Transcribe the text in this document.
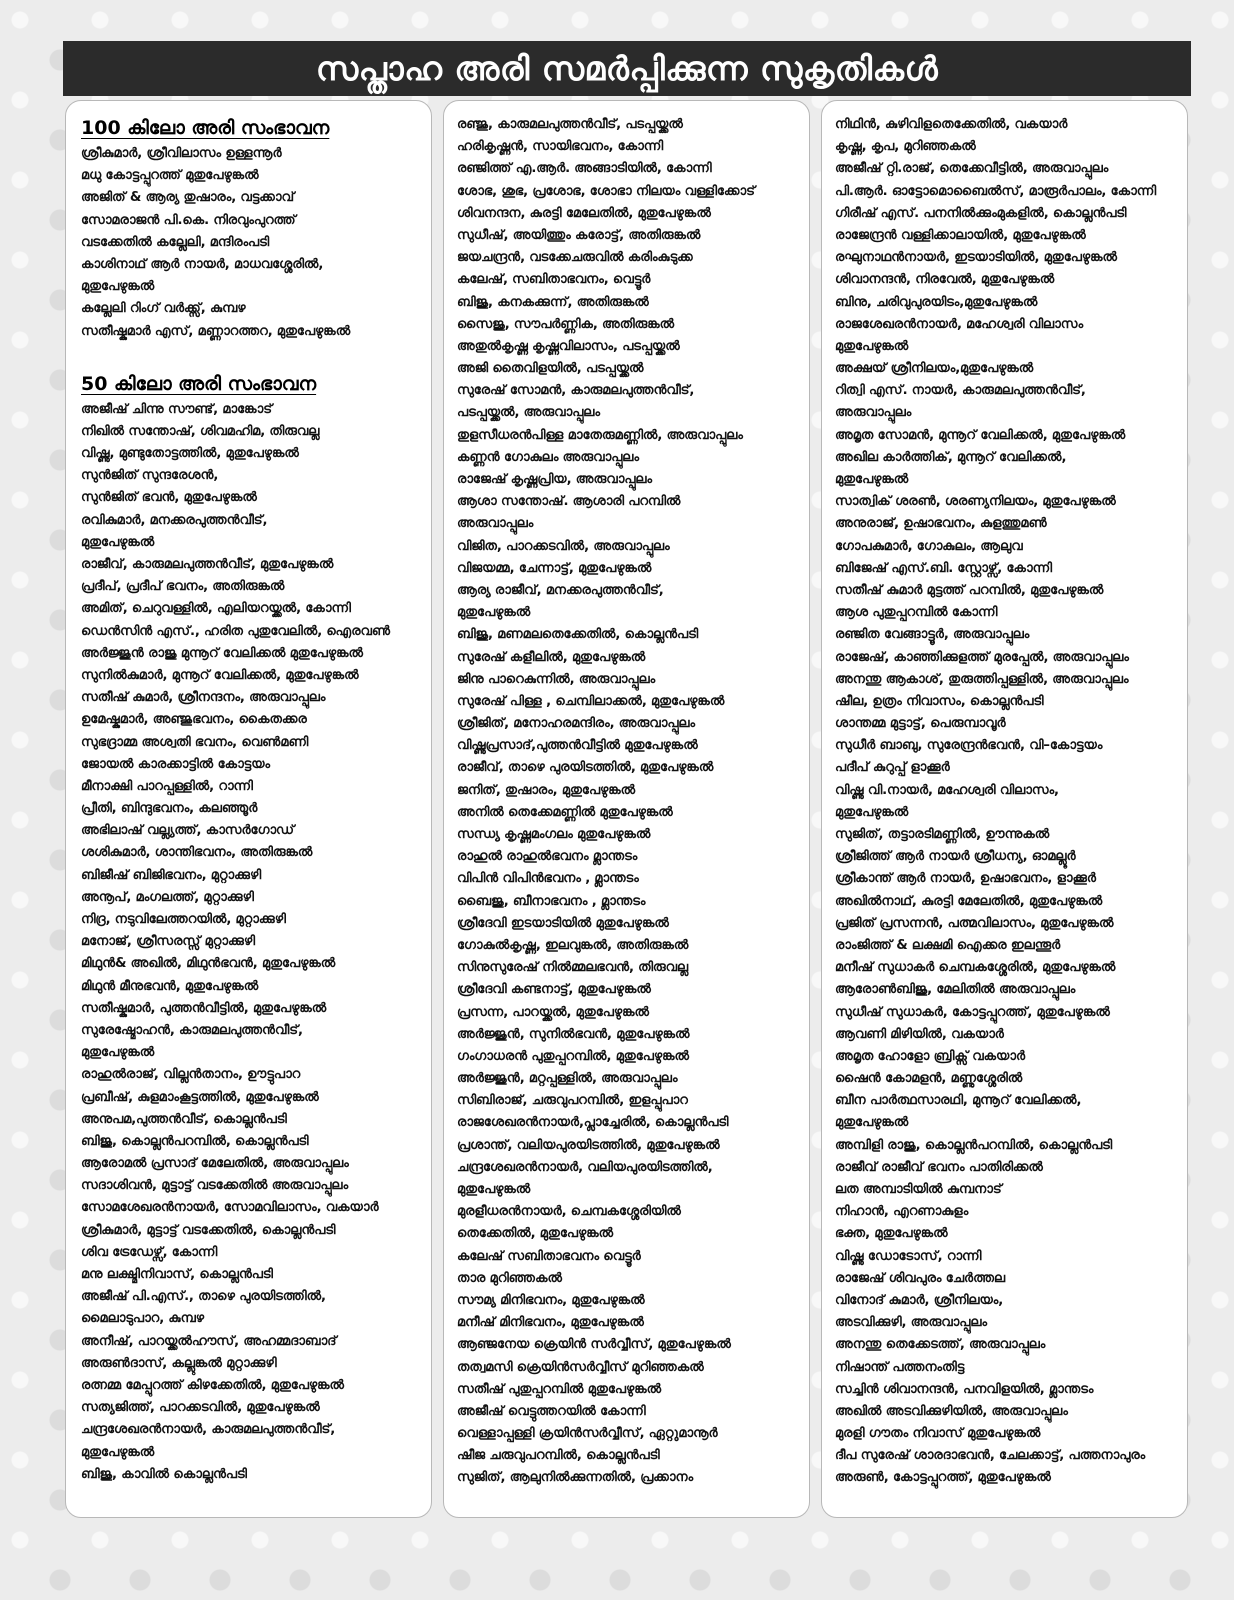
സപ്താഹ അരി സമർപ്പിക്കുന്ന സുകൃതികൾ
100 കിലോ അരി സംഭാവന
ശ്രീകുമാർ, ശ്രീവിലാസം ഉള്ളന്നൂർ
മധു കോട്ടപ്പുറത്ത് മുതുപേഴുങ്കൽ
അജിത് & ആര്യ തുഷാരം, വട്ടക്കാവ്
സോമരാജൻ പി.കെ. നിരവുംപുറത്ത്
വടക്കേതിൽ കല്ലേലി, മന്ദിരംപടി
കാശിനാഥ് ആർ നായർ, മാധവശ്ശേരിൽ,
മുതുപേഴുങ്കൽ
കല്ലേലി റിംഗ് വർക്ക്സ്, കുമ്പഴ
സതീഷ്കുമാർ എസ്, മണ്ണാറത്തറ, മുതുപേഴുങ്കൽ
50 കിലോ അരി സംഭാവന
അജീഷ് ചിന്നു സൗണ്ട്, മാങ്കോട്
നിഖിൽ സന്തോഷ്, ശിവമഹിമ, തിരുവല്ല
വിഷ്ണു, മുണ്ടുതോട്ടത്തിൽ, മുതുപേഴുങ്കൽ
സുൻജിത് സുന്ദരേശൻ,
സുൻജിത് ഭവൻ, മുതുപേഴുങ്കൽ
രവികുമാർ, മനക്കരപുത്തൻവീട്,
മുതുപേഴുങ്കൽ
രാജീവ്, കാരുമലപുത്തൻവീട്, മുതുപേഴുങ്കൽ
പ്രദീപ്, പ്രദീപ് ഭവനം, അതിരുങ്കൽ
അമിത്, ചെറുവള്ളിൽ, എലിയറയ്ക്കൽ, കോന്നി
ഡെൻസിൻ എസ്., ഹരിത പുതുവേലിൽ, ഐരവൺ
അർജ്ജുൻ രാജു മുന്നൂറ് വേലിക്കൽ മുതുപേഴുങ്കൽ
സുനിൽകുമാർ, മുന്നൂറ് വേലിക്കൽ, മുതുപേഴുങ്കൽ
സതീഷ് കുമാർ, ശ്രീനന്ദനം, അരുവാപ്പുലം
ഉമേഷ്കുമാർ, അഞ്ജുഭവനം, കൈതക്കര
സുഭദ്രാമ്മ അശ്വതി ഭവനം, വെൺമണി
ജോയൽ കാരക്കാട്ടിൽ കോട്ടയം
മീനാക്ഷി പാറപ്പള്ളിൽ, റാന്നി
പ്രീതി, ബിന്ദുഭവനം, കലഞ്ഞൂർ
അഭിലാഷ് വല്ല്യത്ത്, കാസർഗോഡ്
ശശികുമാർ, ശാന്തിഭവനം, അതിരുങ്കൽ
ബിജീഷ് ബിജിഭവനം, മുറ്റാക്കുഴി
അനൂപ്, മംഗലത്ത്, മുറ്റാക്കുഴി
നിദ്ര, നടുവിലേത്തറയിൽ, മുറ്റാക്കുഴി
മനോജ്, ശ്രീസരസ്സ് മുറ്റാക്കുഴി
മിഥുൻ& അഖിൽ, മിഥുൻഭവൻ, മുതുപേഴുങ്കൽ
മിഥുൻ മീനുഭവൻ, മുതുപേഴുങ്കൽ
സതീഷ്കുമാർ, പുത്തൻവീട്ടിൽ, മുതുപേഴുങ്കൽ
സുരേഷ്മോഹൻ, കാരുമലപുത്തൻവീട്,
മുതുപേഴുങ്കൽ
രാഹുൽരാജ്, വില്ലൻതാനം, ഊട്ടുപാറ
പ്രബീഷ്, കുളമാംകൂട്ടത്തിൽ, മുതുപേഴുങ്കൽ
അനുപമ,പുത്തൻവീട്, കൊല്ലൻപടി
ബിജു, കൊല്ലൻപറമ്പിൽ, കൊല്ലൻപടി
ആരോമൽ പ്രസാദ് മേലേതിൽ, അരുവാപ്പുലം
സദാശിവൻ, മുട്ടാട്ട് വടക്കേതിൽ അരുവാപ്പുലം
സോമശേഖരൻനായർ, സോമവിലാസം, വകയാർ
ശ്രീകുമാർ, മുട്ടാട്ട് വടക്കേതിൽ, കൊല്ലൻപടി
ശിവ ട്രേഡേഴ്സ്, കോന്നി
മനു ലക്ഷ്മിനിവാസ്, കൊല്ലൻപടി
അജീഷ് പി.എസ്., താഴെ പുരയിടത്തിൽ,
മൈലാടുപാറ, കുമ്പഴ
അനീഷ്, പാറയ്ക്കൽഹൗസ്, അഹമ്മദാബാദ്
അരുൺദാസ്, കല്ലുങ്കൽ മുറ്റാക്കുഴി
രത്നമ്മ മേപ്പുറത്ത് കിഴക്കേതിൽ, മുതുപേഴുങ്കൽ
സത്യജിത്ത്, പാറക്കടവിൽ, മുതുപേഴുങ്കൽ
ചന്ദ്രശേഖരൻനായർ, കാരുമലപുത്തൻവീട്,
മുതുപേഴുങ്കൽ
ബിജു, കാവിൽ കൊല്ലൻപടി
രഞ്ജു, കാരുമലപുത്തൻവീട്, പടപ്പയ്ക്കൽ
ഹരികൃഷ്ണൻ, സായിഭവനം, കോന്നി
രഞ്ജിത്ത് എ.ആർ. അങ്ങാടിയിൽ, കോന്നി
ശോഭ, ശുഭ, പ്രശോഭ, ശോഭാ നിലയം വള്ളിക്കോട്
ശിവനന്ദന, കുരട്ടി മേലേതിൽ, മുതുപേഴുങ്കൽ
സുധീഷ്, അയിത്തും കരോട്ട്, അതിരുങ്കൽ
ജയചന്ദ്രൻ, വടക്കേചരുവിൽ കരിംകുടുക്ക
കലേഷ്, സബിതാഭവനം, വെട്ടൂർ
ബിജു, കനകക്കുന്ന്, അതിരുങ്കൽ
സൈജു, സൗപർണ്ണിക, അതിരുങ്കൽ
അതുൽകൃഷ്ണ കൃഷ്ണവിലാസം, പടപ്പയ്ക്കൽ
അജി തൈവിളയിൽ, പടപ്പയ്ക്കൽ
സുരേഷ് സോമൻ, കാരുമലപുത്തൻവീട്,
പടപ്പയ്ക്കൽ, അരുവാപ്പുലം
തുളസീധരൻപിള്ള മാതേരുമണ്ണിൽ, അരുവാപ്പുലം
കണ്ണൻ ഗോകുലം അരുവാപ്പുലം
രാജേഷ് കൃഷ്ണപ്രിയ, അരുവാപ്പുലം
ആശാ സന്തോഷ്. ആശാരി പറമ്പിൽ
അരുവാപ്പുലം
വിജിത, പാറക്കടവിൽ, അരുവാപ്പുലം
വിജയമ്മ, ചേന്നാട്ട്, മുതുപേഴുങ്കൽ
ആര്യ രാജീവ്, മനക്കരപുത്തൻവീട്,
മുതുപേഴുങ്കൽ
ബിജു, മണമലതെക്കേതിൽ, കൊല്ലൻപടി
സുരേഷ് കളീലിൽ, മുതുപേഴുങ്കൽ
ജിനു പാറെകുന്നിൽ, അരുവാപ്പുലം
സുരേഷ് പിള്ള , ചെമ്പിലാക്കൽ, മുതുപേഴുങ്കൽ
ശ്രീജിത്, മനോഹരമന്ദിരം, അരുവാപ്പുലം
വിഷ്ണുപ്രസാദ്,പുത്തൻവീട്ടിൽ മുതുപേഴുങ്കൽ
രാജീവ്, താഴെ പുരയിടത്തിൽ, മുതുപേഴുങ്കൽ
ജനിത്, തുഷാരം, മുതുപേഴുങ്കൽ
അനിൽ തെക്കേമണ്ണിൽ മുതുപേഴുങ്കൽ
സന്ധ്യ കൃഷ്ണമംഗലം മുതുപേഴുങ്കൽ
രാഹുൽ രാഹുൽഭവനം മ്ലാന്തടം
വിപിൻ വിപിൻഭവനം , മ്ലാന്തടം
ബൈജു, ബീനാഭവനം , മ്ലാന്തടം
ശ്രീദേവി ഇടയാടിയിൽ മുതുപേഴുങ്കൽ
ഗോകുൽകൃഷ്ണ, ഇലവുങ്കൽ, അതിരുങ്കൽ
സിനുസുരേഷ് നിൽമ്മലഭവൻ, തിരുവല്ല
ശ്രീദേവി കണ്ടനാട്ട്, മുതുപേഴുങ്കൽ
പ്രസന്ന, പാറയ്ക്കൽ, മുതുപേഴുങ്കൽ
അർജ്ജുൻ, സുനിൽഭവൻ, മുതുപേഴുങ്കൽ
ഗംഗാധരൻ പുതുപ്പറമ്പിൽ, മുതുപേഴുങ്കൽ
അർജ്ജുൻ, മറ്റപ്പള്ളിൽ, അരുവാപ്പുലം
സിബിരാജ്, ചരുവുപറമ്പിൽ, ഇളപ്പുപാറ
രാജശേഖരൻനായർ,പ്ലാച്ചേരിൽ, കൊല്ലൻപടി
പ്രശാന്ത്, വലിയപുരയിടത്തിൽ, മുതുപേഴുങ്കൽ
ചന്ദ്രശേഖരൻനായർ, വലിയപുരയിടത്തിൽ,
മുതുപേഴുങ്കൽ
മുരളീധരൻനായർ, ചെമ്പകശ്ശേരിയിൽ
തെക്കേതിൽ, മുതുപേഴുങ്കൽ
കലേഷ് സബിതാഭവനം വെട്ടൂർ
താര മുറിഞ്ഞകൽ
സൗമ്യ മിനിഭവനം, മുതുപേഴുങ്കൽ
മനീഷ് മിനിഭവനം, മുതുപേഴുങ്കൽ
ആഞ്ജനേയ ക്രെയിൻ സർവ്വീസ്, മുതുപേഴുങ്കൽ
തത്വമസി ക്രെയിൻസർവ്വീസ് മുറിഞ്ഞകൽ
സതീഷ് പുതുപ്പറമ്പിൽ മുതുപേഴുങ്കൽ
അജീഷ് വെട്ടുത്തറയിൽ കോന്നി
വെള്ളാപ്പള്ളി ക്രയിൻസർവ്വീസ്, ഏറ്റുമാനൂർ
ഷീജ ചരുവുപറമ്പിൽ, കൊല്ലൻപടി
സുജിത്, ആലുനിൽക്കുന്നതിൽ, പ്രക്കാനം
നിഥിൻ, കുഴിവിളതെക്കേതിൽ, വകയാർ
കൃഷ്ണ, കൃപ, മുറിഞ്ഞകൽ
അജീഷ് റ്റി.രാജ്, തെക്കേവീട്ടിൽ, അരുവാപ്പുലം
പി.ആർ. ഓട്ടോമൊബൈൽസ്, മാരൂർപാലം, കോന്നി
ഗിരീഷ് എസ്. പനനിൽക്കുംമുകളിൽ, കൊല്ലൻപടി
രാജേന്ദ്രൻ വള്ളിക്കാലായിൽ, മുതുപേഴുങ്കൽ
രഘുനാഥൻനായർ, ഇടയാടിയിൽ, മുതുപേഴുങ്കൽ
ശിവാനന്ദൻ, നിരവേൽ, മുതുപേഴുങ്കൽ
ബിനു, ചരിവുപുരയിടം,മുതുപേഴുങ്കൽ
രാജശേഖരൻനായർ, മഹേശ്വരി വിലാസം
മുതുപേഴുങ്കൽ
അക്ഷയ് ശ്രീനിലയം,മുതുപേഴുങ്കൽ
റിത്വി എസ്. നായർ, കാരുമലപുത്തൻവീട്,
അരുവാപ്പുലം
അമൃത സോമൻ, മുന്നൂറ് വേലിക്കൽ, മുതുപേഴുങ്കൽ
അഖില കാർത്തിക്, മുന്നൂറ് വേലിക്കൽ,
മുതുപേഴുങ്കൽ
സാത്വിക് ശരൺ, ശരണ്യനിലയം, മുതുപേഴുങ്കൽ
അനുരാജ്, ഉഷാഭവനം, കുളത്തുമൺ
ഗോപകുമാർ, ഗോകുലം, ആലുവ
ബിജേഷ് എസ്.ബി. സ്റ്റോഴ്സ്, കോന്നി
സതീഷ് കുമാർ മുട്ടത്ത് പറമ്പിൽ, മുതുപേഴുങ്കൽ
ആശ പുതുപ്പറമ്പിൽ കോന്നി
രഞ്ജിത വേങ്ങാട്ടൂർ, അരുവാപ്പുലം
രാജേഷ്, കാഞ്ഞിക്കുളത്ത് മുരപ്പേൽ, അരുവാപ്പുലം
അനന്തു ആകാശ്, തുരുത്തിപ്പള്ളിൽ, അരുവാപ്പുലം
ഷീല, ഉത്രം നിവാസം, കൊല്ലൻപടി
ശാന്തമ്മ മുട്ടാട്ട്, പെരുമ്പാവൂർ
സുധീർ ബാബു, സുരേന്ദ്രൻഭവൻ, വി–കോട്ടയം
പദീപ് കുറുപ്പ് ളാക്കൂർ
വിഷ്ണു വി.നായർ, മഹേശ്വരി വിലാസം,
മുതുപേഴുങ്കൽ
സുജിത്, തട്ടാരടിമണ്ണിൽ, ഊന്നുകൽ
ശ്രീജിത്ത് ആർ നായർ ശ്രീധന്യ, ഓമല്ലൂർ
ശ്രീകാന്ത് ആർ നായർ, ഉഷാഭവനം, ളാക്കൂർ
അഖിൽനാഥ്, കുരട്ടി മേലേതിൽ, മുതുപേഴുങ്കൽ
പ്രജിത് പ്രസന്നൻ, പത്മവിലാസം, മുതുപേഴുങ്കൽ
രാംജിത്ത് & ലക്ഷമി ഐക്കര ഇലന്തൂർ
മനീഷ് സുധാകർ ചെമ്പകശ്ശേരിൽ, മുതുപേഴുങ്കൽ
ആരോൺബിജു, മേലിതിൽ അരുവാപ്പുലം
സുധീഷ് സുധാകർ, കോട്ടപ്പുറത്ത്, മുതുപേഴുങ്കൽ
ആവണി മിഴിയിൽ, വകയാർ
അമൃത ഹോളോ ബ്രിക്സ് വകയാർ
ഷൈൻ കോമളൻ, മണ്ണുശ്ശേരിൽ
ബീന പാർത്ഥസാരഥി, മുന്നൂറ് വേലിക്കൽ,
മുതുപേഴുങ്കൽ
അമ്പിളി രാജു, കൊല്ലൻപറമ്പിൽ, കൊല്ലൻപടി
രാജീവ് രാജീവ് ഭവനം പാതിരിക്കൽ
ലത അമ്പാടിയിൽ കുമ്പനാട്
നിഹാൻ, എറണാകുളം
ഭക്ത, മുതുപേഴുങ്കൽ
വിഷ്ണു ഡോടോസ്, റാന്നി
രാജേഷ് ശിവപുരം ചേർത്തല
വിനോദ് കുമാർ, ശ്രീനിലയം,
അടവിക്കുഴി, അരുവാപ്പുലം
അനന്തു തെക്കേടത്ത്, അരുവാപ്പുലം
നിഷാന്ത് പത്തനംതിട്ട
സച്ചിൻ ശിവാനന്ദൻ, പനവിളയിൽ, മ്ലാന്തടം
അഖിൽ അടവിക്കുഴിയിൽ, അരുവാപ്പുലം
മുരളി ഗൗതം നിവാസ് മുതുപേഴുങ്കൽ
ദീപ സുരേഷ് ശാരദാഭവൻ, ചേലക്കാട്ട്, പത്തനാപുരം
അരുൺ, കോട്ടപ്പുറത്ത്, മുതുപേഴുങ്കൽ
